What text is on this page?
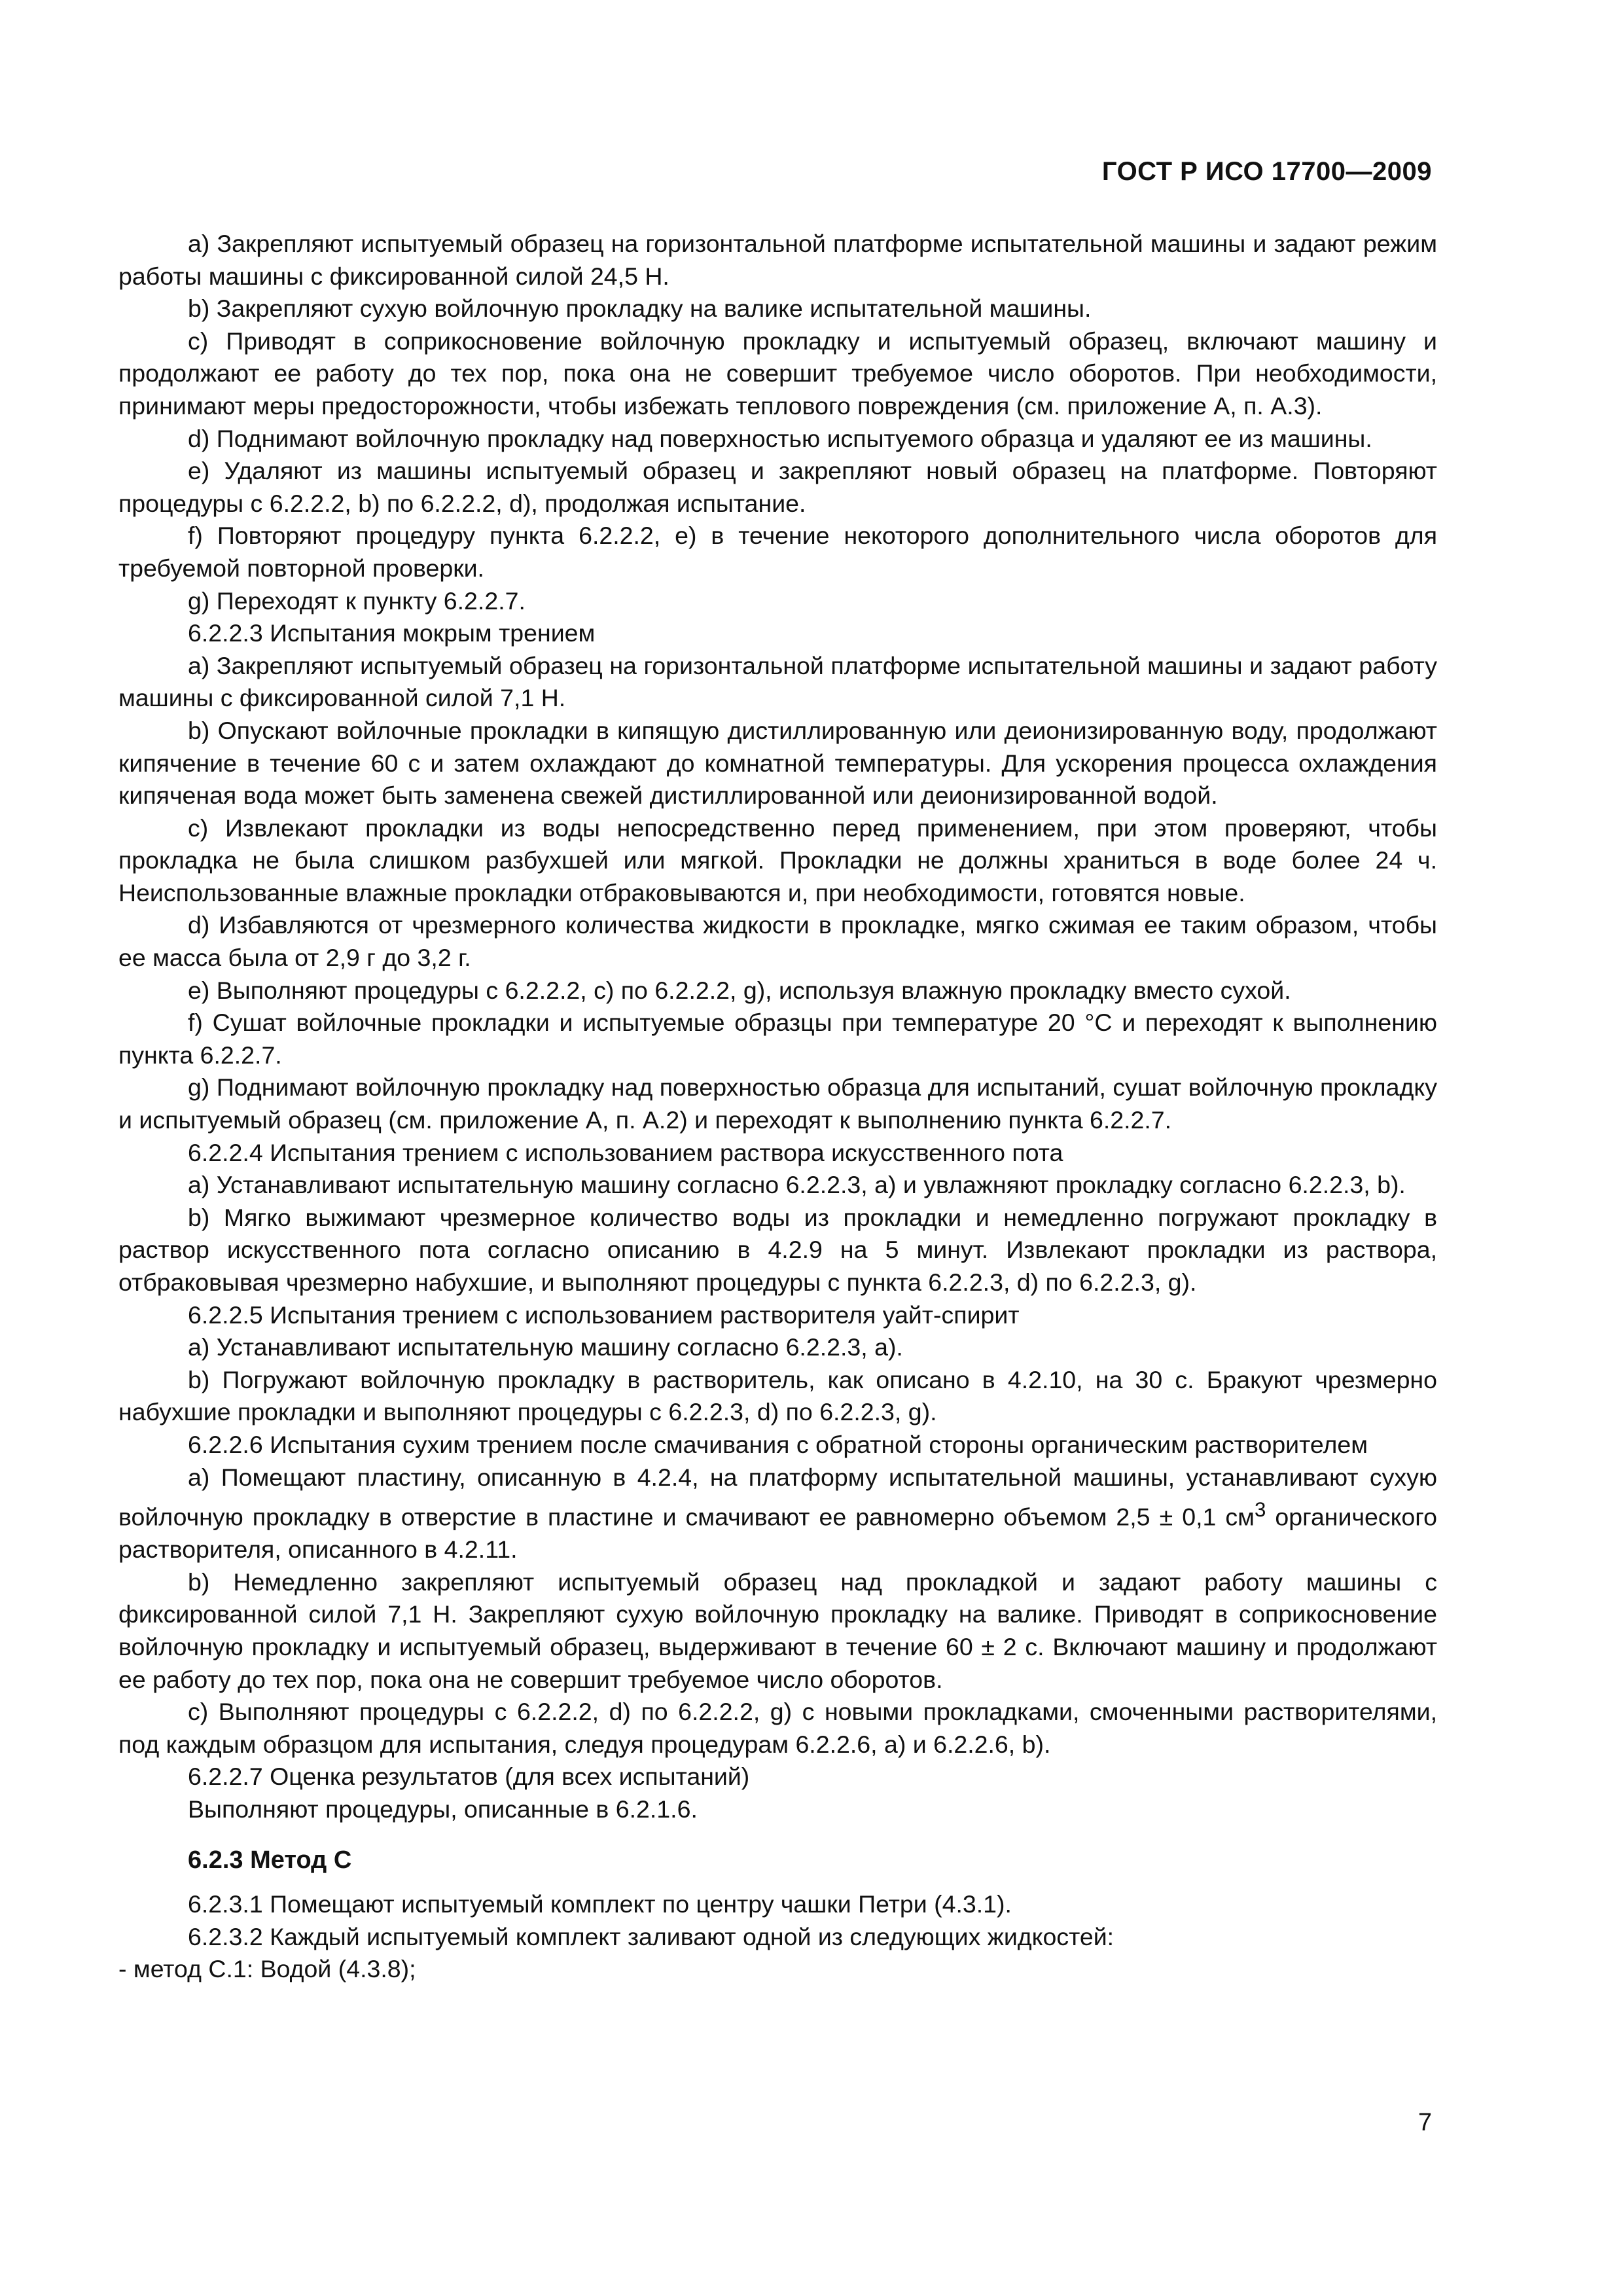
ГОСТ Р ИСО 17700—2009

a) Закрепляют испытуемый образец на горизонтальной платформе испытательной машины и задают режим работы машины с фиксированной силой 24,5 Н.

b) Закрепляют сухую войлочную прокладку на валике испытательной машины.

c) Приводят в соприкосновение войлочную прокладку и испытуемый образец, включают машину и продолжают ее работу до тех пор, пока она не совершит требуемое число оборотов. При необходимости, принимают меры предосторожности, чтобы избежать теплового повреждения (см. приложение А, п. А.3).

d) Поднимают войлочную прокладку над поверхностью испытуемого образца и удаляют ее из машины.

e) Удаляют из машины испытуемый образец и закрепляют новый образец на платформе. Повторяют процедуры с 6.2.2.2, b) по 6.2.2.2, d), продолжая испытание.

f) Повторяют процедуру пункта 6.2.2.2, e) в течение некоторого дополнительного числа оборотов для требуемой повторной проверки.

g) Переходят к пункту 6.2.2.7.

6.2.2.3 Испытания мокрым трением

a) Закрепляют испытуемый образец на горизонтальной платформе испытательной машины и задают работу машины с фиксированной силой 7,1 Н.

b) Опускают войлочные прокладки в кипящую дистиллированную или деионизированную воду, продолжают кипячение в течение 60 с и затем охлаждают до комнатной температуры. Для ускорения процесса охлаждения кипяченая вода может быть заменена свежей дистиллированной или деионизированной водой.

c) Извлекают прокладки из воды непосредственно перед применением, при этом проверяют, чтобы прокладка не была слишком разбухшей или мягкой. Прокладки не должны храниться в воде более 24 ч. Неиспользованные влажные прокладки отбраковываются и, при необходимости, готовятся новые.

d) Избавляются от чрезмерного количества жидкости в прокладке, мягко сжимая ее таким образом, чтобы ее масса была от 2,9 г до 3,2 г.

e) Выполняют процедуры с 6.2.2.2, c) по 6.2.2.2, g), используя влажную прокладку вместо сухой.

f) Сушат войлочные прокладки и испытуемые образцы при температуре 20 °С и переходят к выполнению пункта 6.2.2.7.

g) Поднимают войлочную прокладку над поверхностью образца для испытаний, сушат войлочную прокладку и испытуемый образец (см. приложение А, п. А.2) и переходят к выполнению пункта 6.2.2.7.

6.2.2.4 Испытания трением с использованием раствора искусственного пота

a) Устанавливают испытательную машину согласно 6.2.2.3, a) и увлажняют прокладку согласно 6.2.2.3, b).

b) Мягко выжимают чрезмерное количество воды из прокладки и немедленно погружают прокладку в раствор искусственного пота согласно описанию в 4.2.9 на 5 минут. Извлекают прокладки из раствора, отбраковывая чрезмерно набухшие, и выполняют процедуры с пункта 6.2.2.3, d) по 6.2.2.3, g).

6.2.2.5 Испытания трением с использованием растворителя уайт-спирит

a) Устанавливают испытательную машину согласно 6.2.2.3, a).

b) Погружают войлочную прокладку в растворитель, как описано в 4.2.10, на 30 с. Бракуют чрезмерно набухшие прокладки и выполняют процедуры с 6.2.2.3, d) по 6.2.2.3, g).

6.2.2.6 Испытания сухим трением после смачивания с обратной стороны органическим растворителем

a) Помещают пластину, описанную в 4.2.4, на платформу испытательной машины, устанавливают сухую войлочную прокладку в отверстие в пластине и смачивают ее равномерно объемом 2,5 ± 0,1 $см^3$ органического растворителя, описанного в 4.2.11.

b) Немедленно закрепляют испытуемый образец над прокладкой и задают работу машины с фиксированной силой 7,1 Н. Закрепляют сухую войлочную прокладку на валике. Приводят в соприкосновение войлочную прокладку и испытуемый образец, выдерживают в течение 60 ± 2 с. Включают машину и продолжают ее работу до тех пор, пока она не совершит требуемое число оборотов.

c) Выполняют процедуры с 6.2.2.2, d) по 6.2.2.2, g) с новыми прокладками, смоченными растворителями, под каждым образцом для испытания, следуя процедурам 6.2.2.6, a) и 6.2.2.6, b).

6.2.2.7 Оценка результатов (для всех испытаний)

Выполняют процедуры, описанные в 6.2.1.6.

6.2.3 Метод С

6.2.3.1 Помещают испытуемый комплект по центру чашки Петри (4.3.1).

6.2.3.2 Каждый испытуемый комплект заливают одной из следующих жидкостей:

- метод С.1: Водой (4.3.8);

7
